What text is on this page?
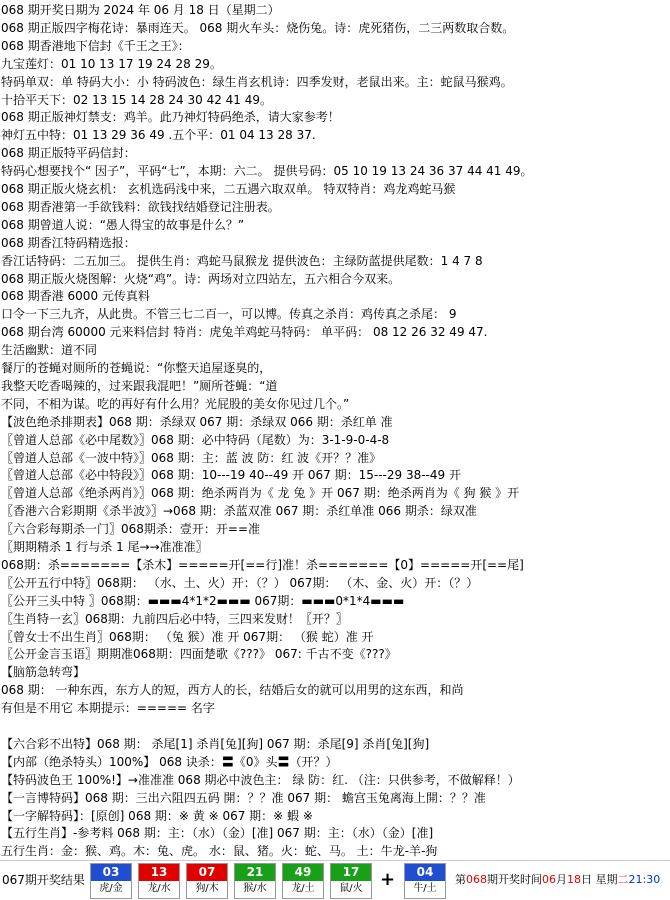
068 期开奖日期为 2024 年 06 月 18 日（星期二）
068 期正版四字梅花诗：暴雨连天。 068 期火车头：烧伤兔。诗：虎死猪伤，二三两数取合数。
068 期香港地下信封《千王之王》：
九宝莲灯：01 10 13 17 19 24 28 29。
特码单双：单 特码大小：小 特码波色：绿生肖玄机诗：四季发财，老鼠出来。主：蛇鼠马猴鸡。
十拾平天下：02 13 15 14 28 24 30 42 41 49。
068 期正版神灯禁支：鸡羊。此乃神灯特码绝杀，请大家参考！
神灯五中特：01 13 29 36 49 .五个平：01 04 13 28 37.
068 期正版特平码信封：
特码心想要找个“ 因子”，平码“七”，本期：六二。 提供号码：05 10 19 13 24 36 37 44 41 49。
068 期正版火烧玄机： 玄机选码浅中来，二五遇六取双单。 特双特肖：鸡龙鸡蛇马猴
068 期香港第一手欲钱料：欲钱找结婚登记注册表。
068 期曾道人说：“愚人得宝的故事是什么？”
068 期香江特码精选报：
香江话特码：二五加三。 提供生肖：鸡蛇马鼠猴龙 提供波色：主绿防蓝提供尾数：1 4 7 8
068 期正版火烧图解：火烧“鸡”。诗：两场对立四站左，五六相合今双来。
068 期香港 6000 元传真料
口令一下三九齐，从此贵。不管三七二百一，可以博。传真之杀肖：鸡传真之杀尾： 9
068 期台湾 60000 元来料信封 特肖：虎兔羊鸡蛇马特码： 单平码： 08 12 26 32 49 47.
生活幽默：道不同
餐厅的苍蝇对厕所的苍蝇说：“你整天追屋逐臭的，
我整天吃香喝辣的，过来跟我混吧！”厕所苍蝇：“道
不同，不相为谋。吃的再好有什么用？光屁股的美女你见过几个。”
【波色绝杀排期表】068 期：杀绿双 067 期：杀绿双 066 期：杀红单 准
〖曾道人总部《必中尾数》〗068 期：必中特码（尾数）为：3-1-9-0-4-8
〖曾道人总部《一波中特》〗068 期：主：蓝 波 防：红 波《开？？准》
〖曾道人总部《必中特段》〗068 期：10---19 40--49 开 067 期：15---29 38--49 开
〖曾道人总部《绝杀两肖》〗068 期：绝杀两肖为《 龙 兔 》开 067 期：绝杀两肖为《 狗 猴 》开
〖香港六合彩期期《杀半波》〗→068 期：杀蓝双准 067 期：杀红单准 066 期杀：绿双准
〖六合彩每期杀一门〗068期杀：壹开：开==准
〖期期精杀 1 行与杀 1 尾→→准准准〗
068期：杀=======【杀木】=====开[==行]准！杀=======【0】=====开[==尾]
〖公开五行中特〗068期： （水、土、火）开：（？） 067期： （木、金、火）开：（？）
〖公开三头中特 〗068期：▬▬▬4*1*2▬▬▬ 067期：▬▬▬0*1*4▬▬▬
〖生肖特一玄〗068期：九前四后必中特，三四来发财！〖开？〗
〖曾女士不出生肖〗068期： （兔 猴）准 开 067期： （猴 蛇）准 开
〖公开金言玉语〗期期准068期：四面楚歌《???》 067: 千古不变《???》
【脑筋急转弯】
068 期： 一种东西，东方人的短，西方人的长，结婚后女的就可以用男的这东西，和尚
有但是不用它 本期提示：===== 名字
【六合彩不出特】068 期： 杀尾[1] 杀肖[兔][狗] 067 期：杀尾[9] 杀肖[兔][狗]
【内部（绝杀特头）100%】 068 诀杀：〓《0》头〓（开？）
【特码波色王 100%!】→准准准 068 期必中波色主： 绿 防：红. （注：只供参考，不做解释！）
【一言博特码】068 期：三出六阻四五码 開：？？准 067 期： 蟾宫玉兔离海上開：？？准
【一字解特码】：[原创] 068 期：※ 黄 ※ 067 期：※ 蝦 ※
【五行生肖】-参考料 068 期：主：（水）（金）[准] 067 期：主：（水）（金）[准]
五行生肖：金：猴、鸡。木：兔、虎。 水：鼠、猪。火：蛇、马。 土：牛龙-羊-狗
067期开奖结果
03
虎/金
13
龙/水
07
狗/木
21
猴/水
49
龙/土
17
鼠/火 +	04
牛/土
第068期开奖时间06月18日 星期二21:30
